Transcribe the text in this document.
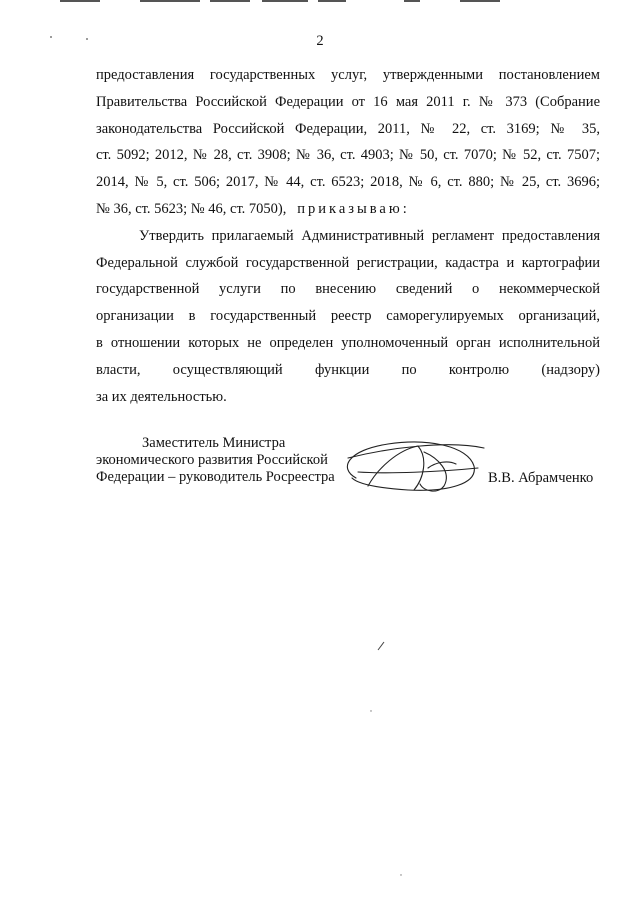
2
предоставления государственных услуг, утвержденными постановлением
Правительства Российской Федерации от 16 мая 2011 г. № 373 (Собрание
законодательства Российской Федерации, 2011, № 22, ст. 3169; № 35,
ст. 5092; 2012, № 28, ст. 3908; № 36, ст. 4903; № 50, ст. 7070; № 52, ст. 7507;
2014, № 5, ст. 506; 2017, № 44, ст. 6523; 2018, № 6, ст. 880; № 25, ст. 3696;
№ 36, ст. 5623; № 46, ст. 7050), приказываю:
Утвердить прилагаемый Административный регламент предоставления
Федеральной службой государственной регистрации, кадастра и картографии
государственной услуги по внесению сведений о некоммерческой
организации в государственный реестр саморегулируемых организаций,
в отношении которых не определен уполномоченный орган исполнительной
власти, осуществляющий функции по контролю (надзору)
за их деятельностью.
Заместитель Министра
экономического развития Российской
Федерации – руководитель Росреестра	В.В. Абрамченко
